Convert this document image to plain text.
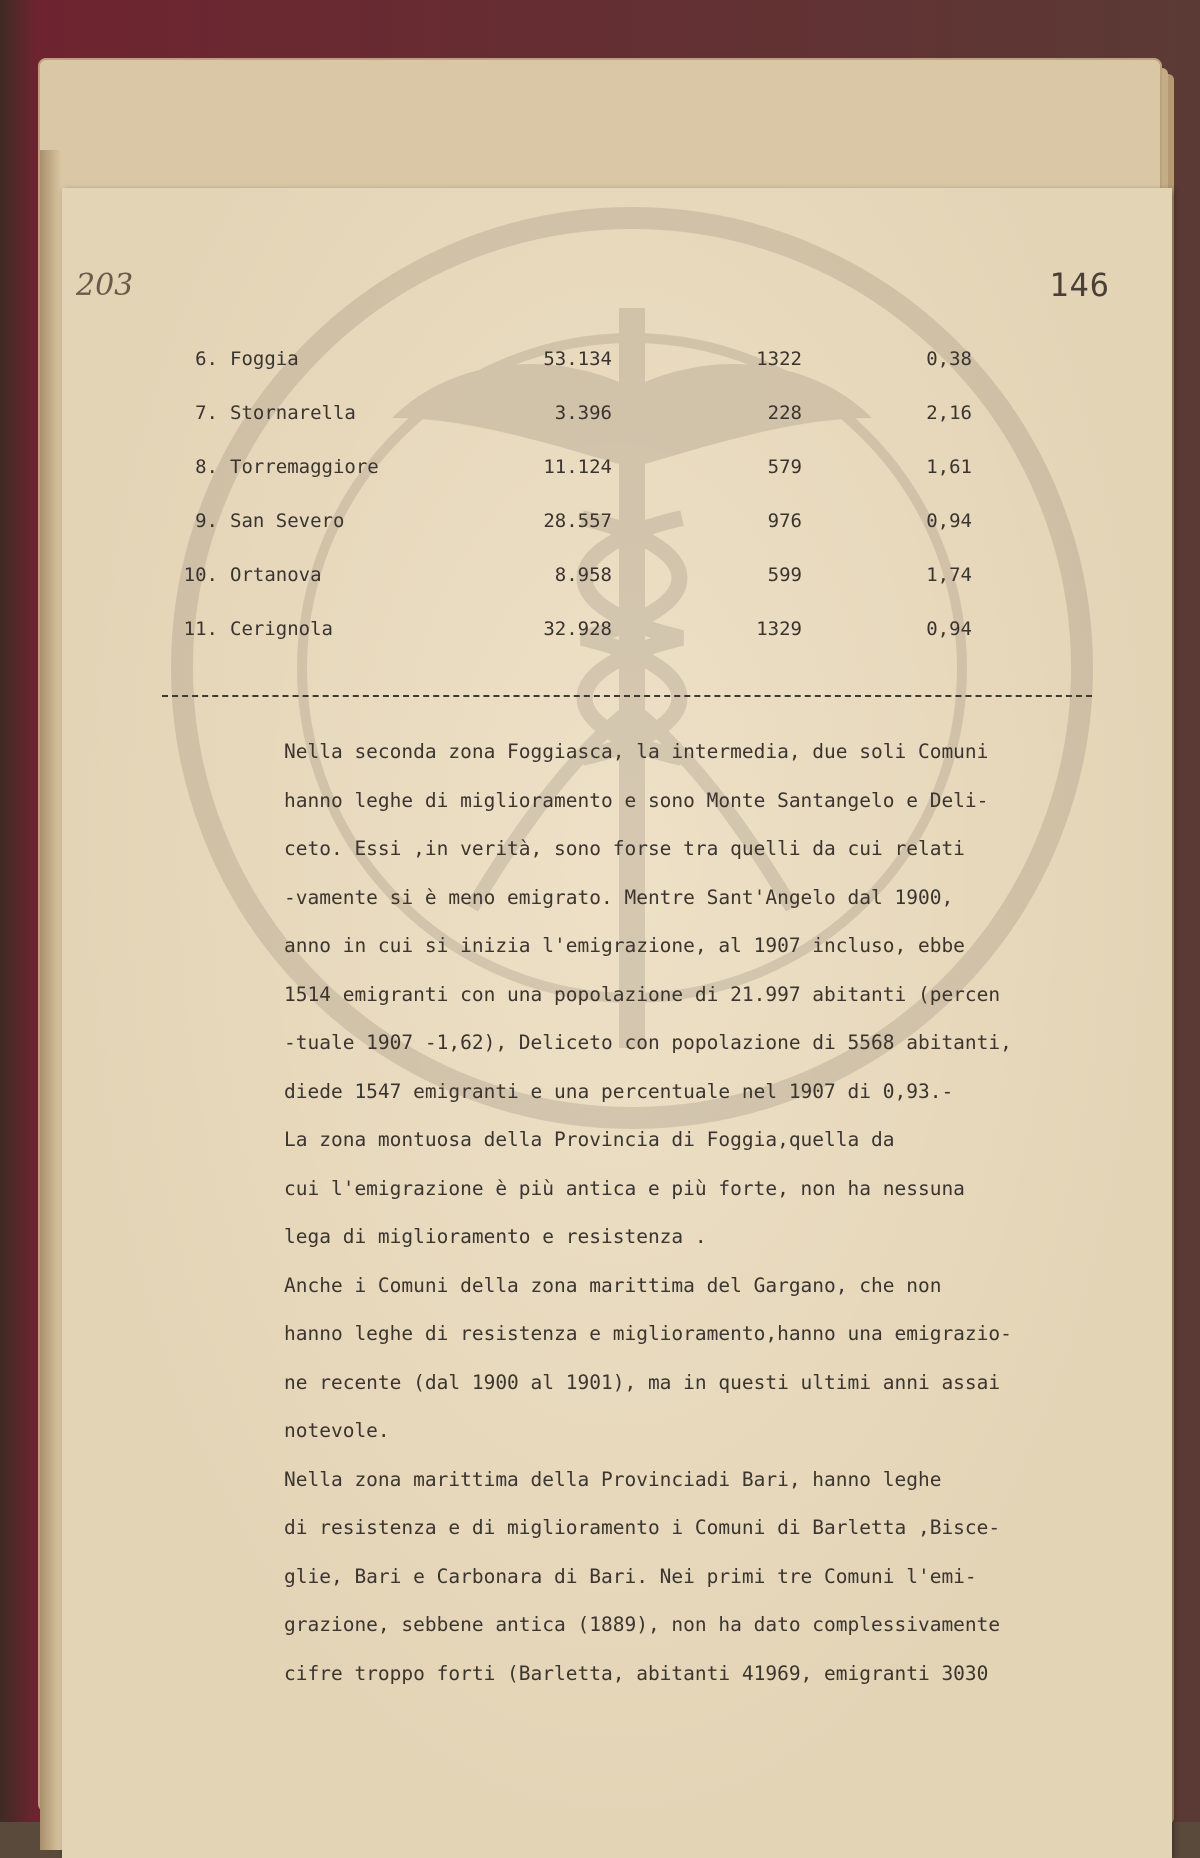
203	146
6. Foggia	53.134	1322	0,38
7. Stornarella	3.396	228	2,16
8. Torremaggiore	11.124	579	1,61
9. San Severo	28.557	976	0,94
10. Ortanova	8.958	599	1,74
11. Cerignola	32.928	1329	0,94

Nella seconda zona Foggiasca, la intermedia, due soli Comuni
hanno leghe di miglioramento e sono Monte Santangelo e Deli-
ceto. Essi ,in verità, sono forse tra quelli da cui relati
-vamente si è meno emigrato. Mentre Sant'Angelo dal 1900,
anno in cui si inizia l'emigrazione, al 1907 incluso, ebbe
1514 emigranti con una popolazione di 21.997 abitanti (percen
-tuale 1907 -1,62), Deliceto con popolazione di 5568 abitanti,
diede 1547 emigranti e una percentuale nel 1907 di 0,93.-

La zona montuosa della Provincia di Foggia,quella da
cui l'emigrazione è più antica e più forte, non ha nessuna
lega di miglioramento e resistenza .

Anche i Comuni della zona marittima del Gargano, che non
hanno leghe di resistenza e miglioramento,hanno una emigrazio-
ne recente (dal 1900 al 1901), ma in questi ultimi anni assai
notevole.

Nella zona marittima della Provinciadi Bari, hanno leghe
di resistenza e di miglioramento i Comuni di Barletta ,Bisce-
glie, Bari e Carbonara di Bari. Nei primi tre Comuni l'emi-
grazione, sebbene antica (1889), non ha dato complessivamente
cifre troppo forti (Barletta, abitanti 41969, emigranti 3030
